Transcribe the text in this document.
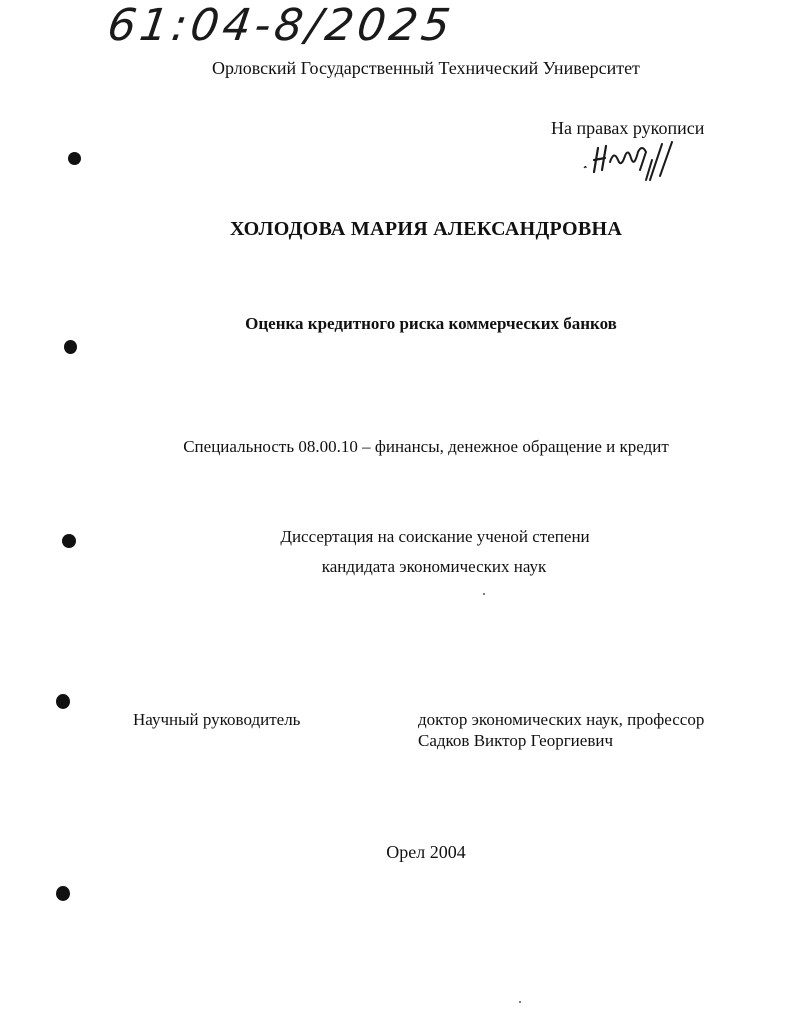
61:04-8/2025
Орловский Государственный Технический Университет
На правах рукописи
ХОЛОДОВА МАРИЯ АЛЕКСАНДРОВНА
Оценка кредитного риска коммерческих банков
Специальность 08.00.10 – финансы, денежное обращение и кредит
Диссертация на соискание ученой степени
кандидата экономических наук
Научный руководитель	доктор экономических наук, профессор
Садков Виктор Георгиевич
Орел 2004
